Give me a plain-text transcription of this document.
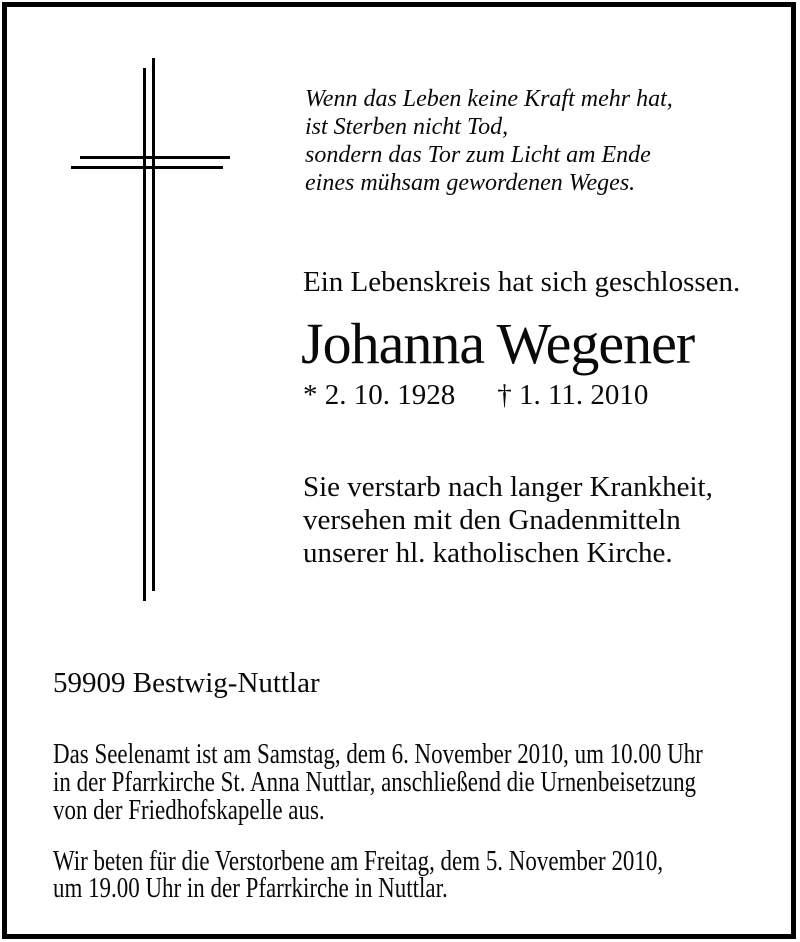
Wenn das Leben keine Kraft mehr hat,
ist Sterben nicht Tod,
sondern das Tor zum Licht am Ende
eines mühsam gewordenen Weges.
Ein Lebenskreis hat sich geschlossen.
Johanna Wegener
* 2. 10. 1928 † 1. 11. 2010
Sie verstarb nach langer Krankheit,
versehen mit den Gnadenmitteln
unserer hl. katholischen Kirche.
59909 Bestwig-Nuttlar
Das Seelenamt ist am Samstag, dem 6. November 2010, um 10.00 Uhr
in der Pfarrkirche St. Anna Nuttlar, anschließend die Urnenbeisetzung
von der Friedhofskapelle aus.
Wir beten für die Verstorbene am Freitag, dem 5. November 2010,
um 19.00 Uhr in der Pfarrkirche in Nuttlar.
